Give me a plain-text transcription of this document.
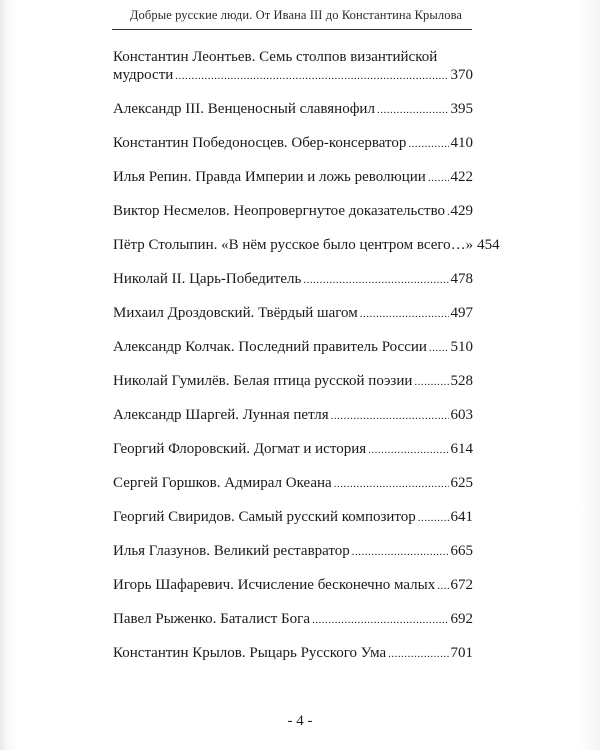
Добрые русские люди. От Ивана III до Константина Крылова
Константин Леонтьев. Семь столпов византийской
мудрости .....	370
Александр III. Венценосный славянофил .....	395
Константин Победоносцев. Обер-консерватор .....	410
Илья Репин. Правда Империи и ложь революции ..... 422
Виктор Несмелов. Неопровергнутое доказательство ..... 429
Пётр Столыпин. «В нём русское было центром всего…» 454
Николай II. Царь-Победитель .....	478
Михаил Дроздовский. Твёрдый шагом .....	497
Александр Колчак. Последний правитель России ..... 510
Николай Гумилёв. Белая птица русской поэзии .....	528
Александр Шаргей. Лунная петля .....	603
Георгий Флоровский. Догмат и история .....	614
Сергей Горшков. Адмирал Океана .....	625
Георгий Свиридов. Самый русский композитор ..... 641
Илья Глазунов. Великий реставратор .....	665
Игорь Шафаревич. Исчисление бесконечно малых ..... 672
Павел Рыженко. Баталист Бога .....	692
Константин Крылов. Рыцарь Русского Ума .....	701
- 4 -
